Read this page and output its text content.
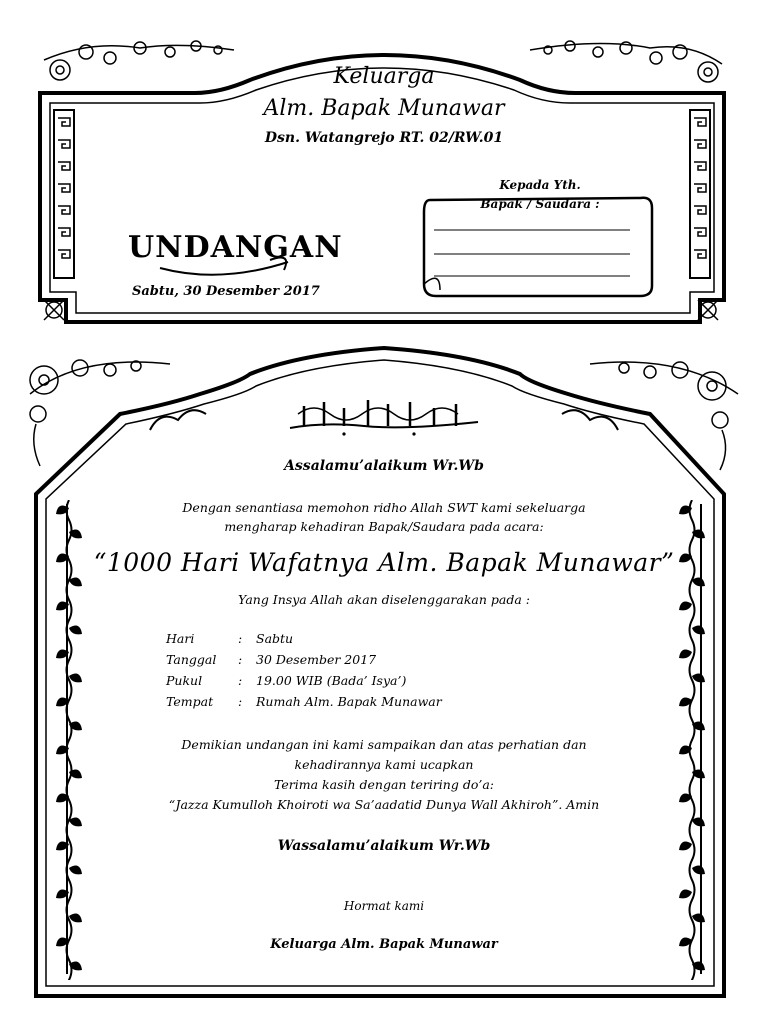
Keluarga
Alm. Bapak Munawar
Dsn. Watangrejo RT. 02/RW.01
Kepada Yth.
Bapak / Saudara :
UNDANGAN
Sabtu, 30 Desember 2017
Assalamu’alaikum Wr.Wb
Dengan senantiasa memohon ridho Allah SWT kami sekeluarga
mengharap kehadiran Bapak/Saudara pada acara:
“1000 Hari Wafatnya Alm. Bapak Munawar”
Yang Insya Allah akan diselenggarakan pada :
Hari	: Sabtu
Tanggal : 30 Desember 2017
Pukul	: 19.00 WIB (Bada’ Isya’)
Tempat : Rumah Alm. Bapak Munawar
Demikian undangan ini kami sampaikan dan atas perhatian dan
kehadirannya kami ucapkan
Terima kasih dengan teriring do’a:
“Jazza Kumulloh Khoiroti wa Sa’aadatid Dunya Wall Akhiroh”. Amin
Wassalamu’alaikum Wr.Wb
Hormat kami
Keluarga Alm. Bapak Munawar
